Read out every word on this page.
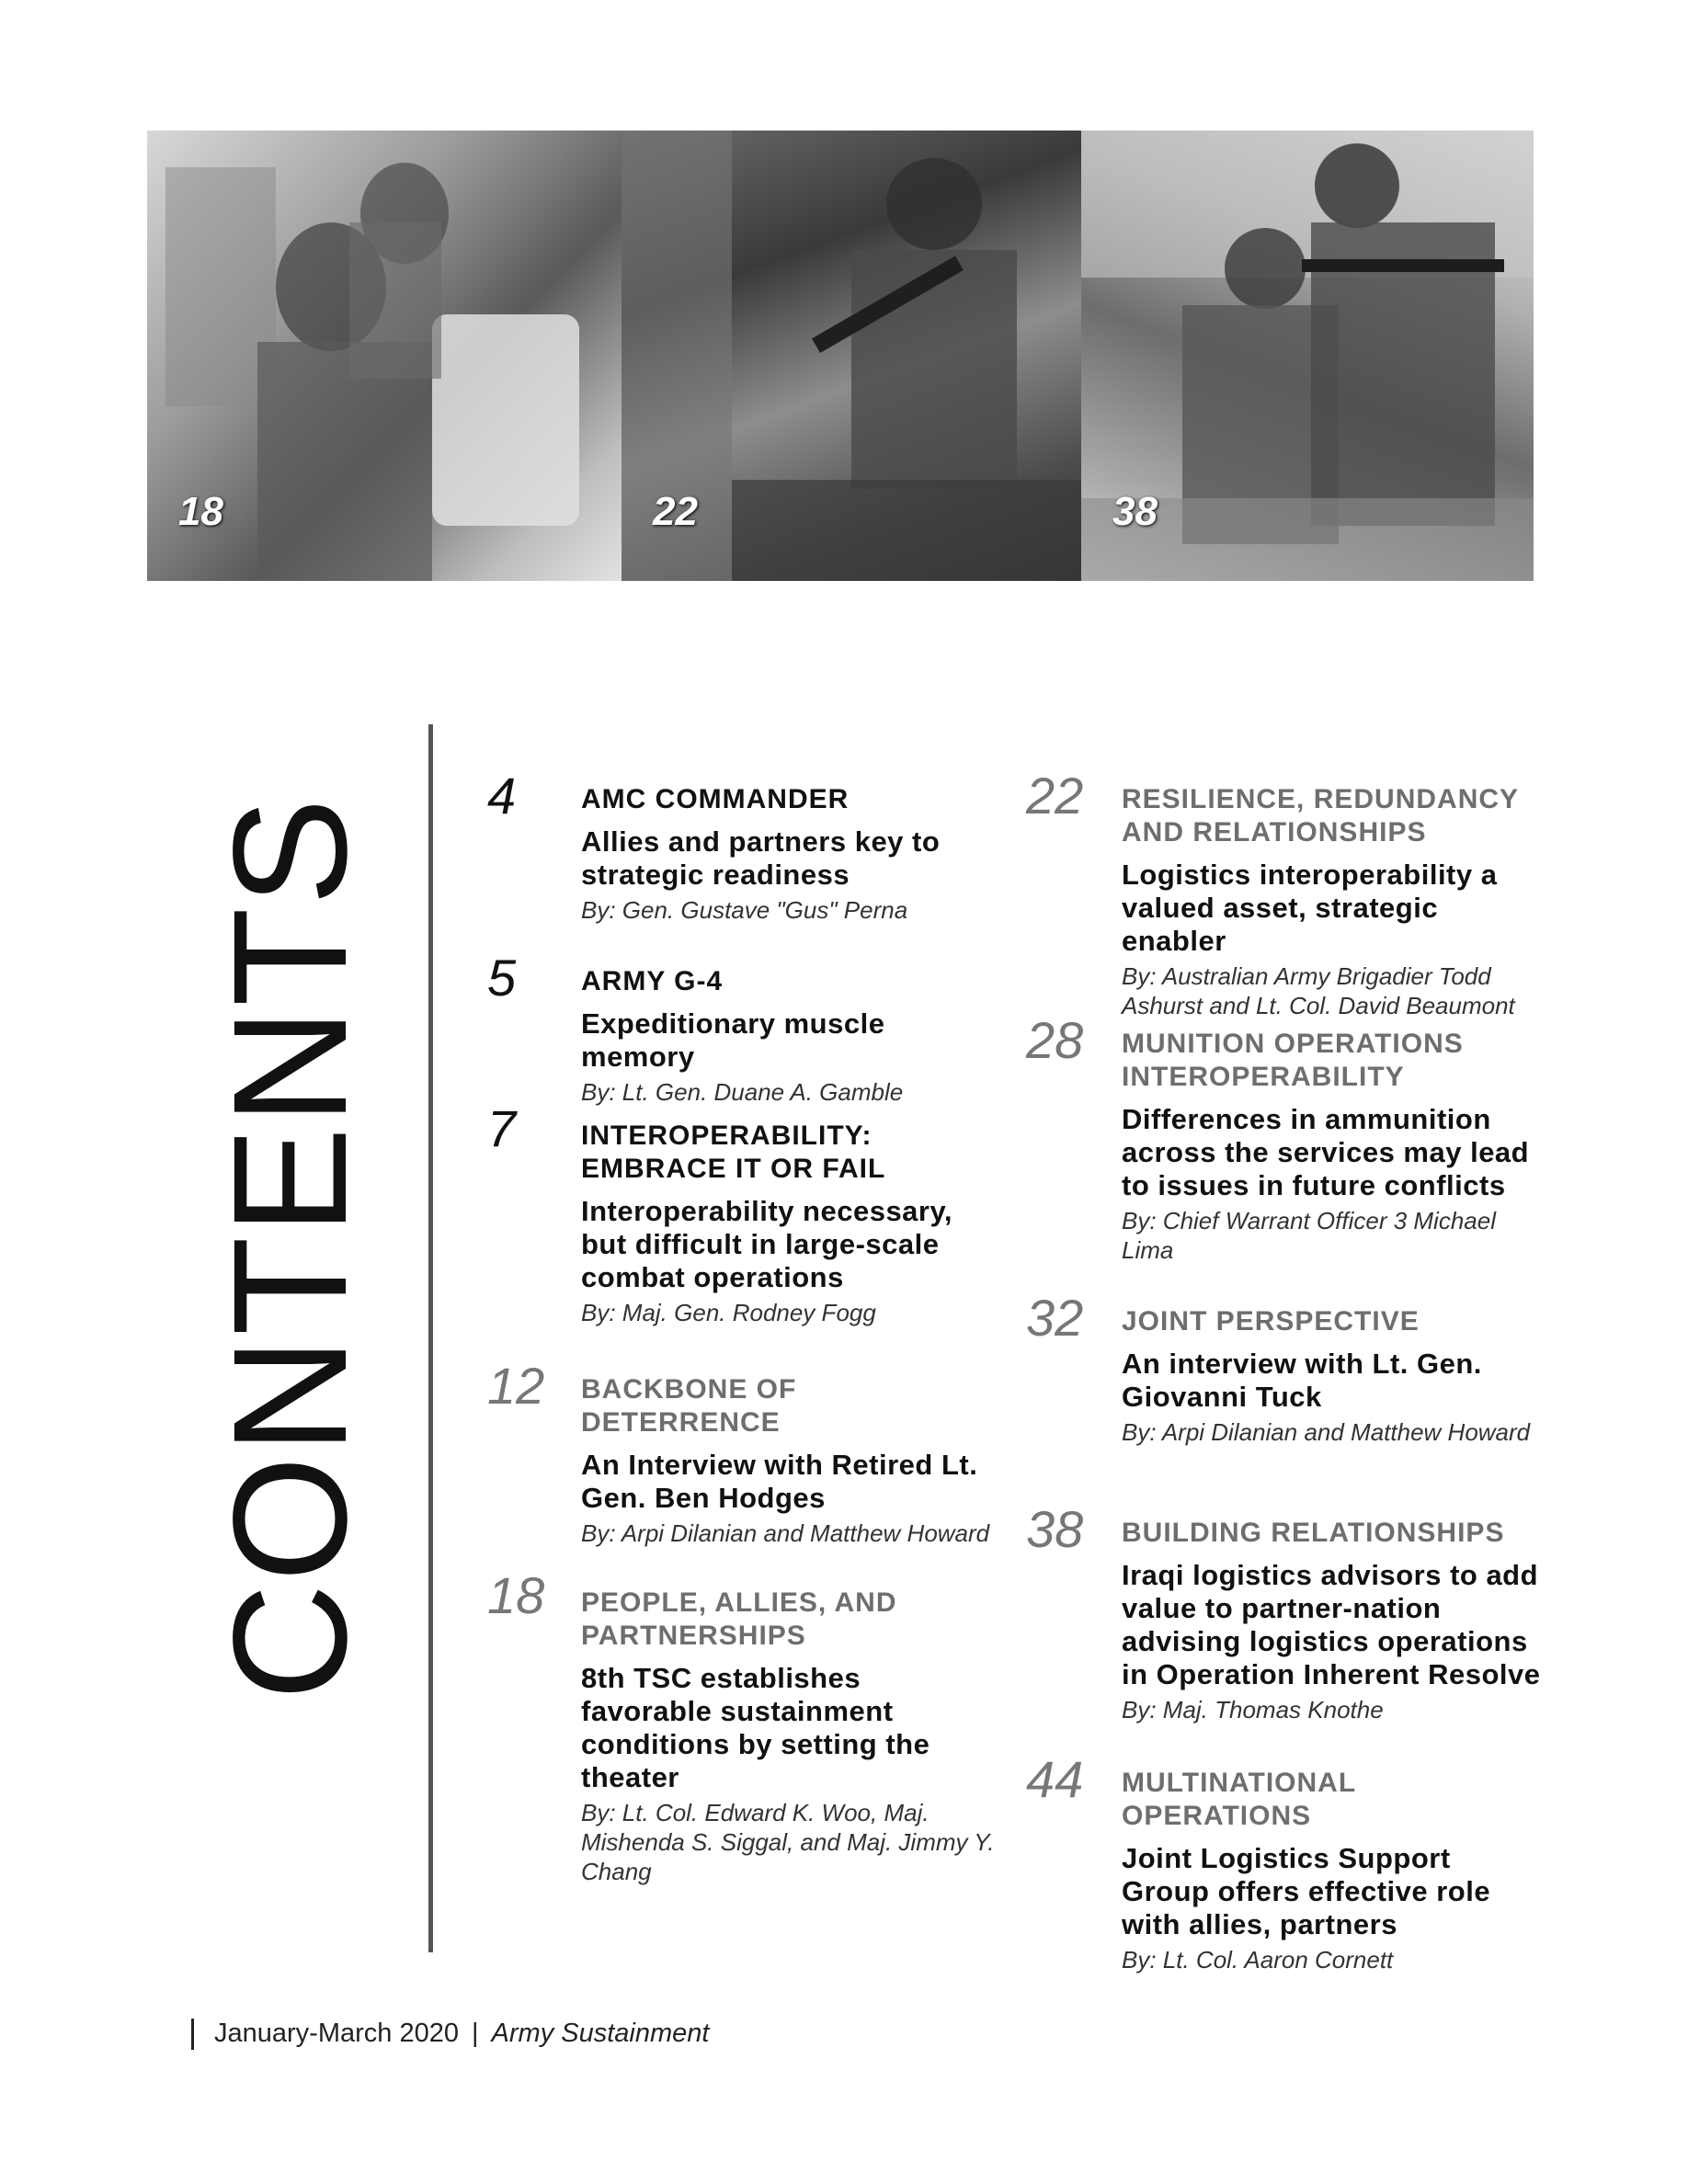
18	22	38
CONTENTS
4 AMC COMMANDER
Allies and partners key to strategic readiness
By: Gen. Gustave "Gus" Perna
5 ARMY G-4
Expeditionary muscle memory
By: Lt. Gen. Duane A. Gamble
7 INTEROPERABILITY: EMBRACE IT OR FAIL
Interoperability necessary, but difficult in large-scale combat operations
By: Maj. Gen. Rodney Fogg
12 BACKBONE OF DETERRENCE
An Interview with Retired Lt. Gen. Ben Hodges
By: Arpi Dilanian and Matthew Howard
18 PEOPLE, ALLIES, AND PARTNERSHIPS
8th TSC establishes favorable sustainment conditions by setting the theater
By: Lt. Col. Edward K. Woo, Maj. Mishenda S. Siggal, and Maj. Jimmy Y. Chang
22 RESILIENCE, REDUNDANCY AND RELATIONSHIPS
Logistics interoperability a valued asset, strategic enabler
By: Australian Army Brigadier Todd Ashurst and Lt. Col. David Beaumont
28 MUNITION OPERATIONS INTEROPERABILITY
Differences in ammunition across the services may lead to issues in future conflicts
By: Chief Warrant Officer 3 Michael Lima
32 JOINT PERSPECTIVE
An interview with Lt. Gen. Giovanni Tuck
By: Arpi Dilanian and Matthew Howard
38 BUILDING RELATIONSHIPS
Iraqi logistics advisors to add value to partner-nation advising logistics operations in Operation Inherent Resolve
By: Maj. Thomas Knothe
44 MULTINATIONAL OPERATIONS
Joint Logistics Support Group offers effective role with allies, partners
By: Lt. Col. Aaron Cornett
January-March 2020 | Army Sustainment
